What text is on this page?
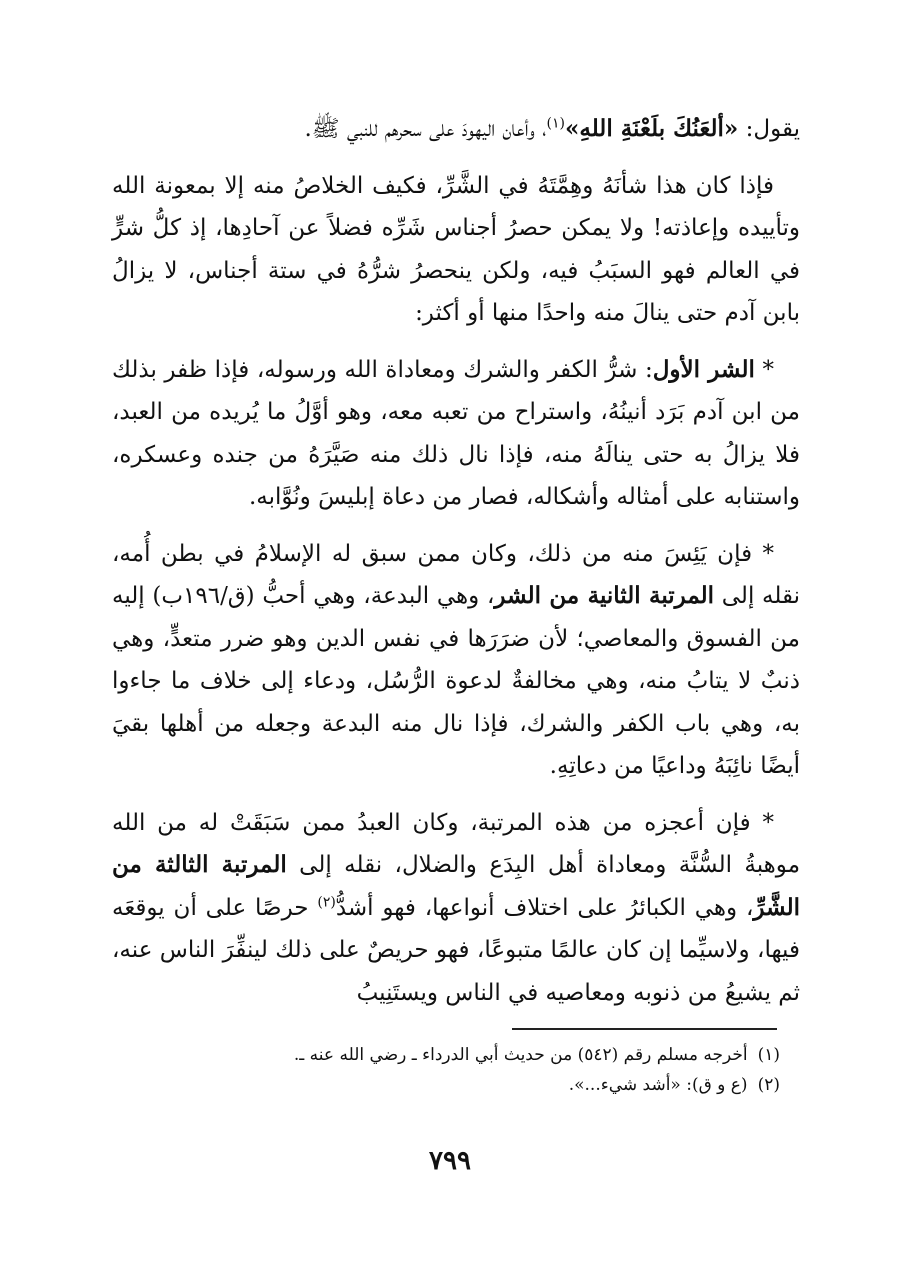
يقول: «ألعَنُكَ بلَعْنَةِ اللهِ»$^{(١)}$، وأعان اليهودَ على سحرهم للنبي ﷺ.

فإذا كان هذا شأنَهُ وهِمَّتَهُ في الشَّرِّ، فكيف الخلاصُ منه إلا بمعونة الله وتأييده وإعاذته! ولا يمكن حصرُ أجناس شَرِّه فضلاً عن آحادِها، إذ كلُّ شرٍّ في العالم فهو السبَبُ فيه، ولكن ينحصرُ شرُّهُ في ستة أجناس، لا يزالُ بابن آدم حتى ينالَ منه واحدًا منها أو أكثر:

* الشر الأول: شرُّ الكفر والشرك ومعاداة الله ورسوله، فإذا ظفر بذلك من ابن آدم بَرَد أنينُهُ، واستراح من تعبه معه، وهو أوَّلُ ما يُريده من العبد، فلا يزالُ به حتى ينالَهُ منه، فإذا نال ذلك منه صَيَّرَهُ من جنده وعسكره، واستنابه على أمثاله وأشكاله، فصار من دعاة إبليسَ ونُوَّابه.

* فإن يَئِسَ منه من ذلك، وكان ممن سبق له الإسلامُ في بطن أُمه، نقله إلى المرتبة الثانية من الشر، وهي البدعة، وهي أحبُّ (ق/١٩٦ب) إليه من الفسوق والمعاصي؛ لأن ضرَرَها في نفس الدين وهو ضرر متعدٍّ، وهي ذنبٌ لا يتابُ منه، وهي مخالفةٌ لدعوة الرُّسُل، ودعاء إلى خلاف ما جاءوا به، وهي باب الكفر والشرك، فإذا نال منه البدعة وجعله من أهلها بقيَ أيضًا نائِبَهُ وداعيًا من دعاتِهِ.

* فإن أعجزه من هذه المرتبة، وكان العبدُ ممن سَبَقَتْ له من الله موهبةُ السُّنَّة ومعاداة أهل البِدَع والضلال، نقله إلى المرتبة الثالثة من الشَّرِّ، وهي الكبائرُ على اختلاف أنواعها، فهو أشدُّ$^{(٢)}$ حرصًا على أن يوقعَه فيها، ولاسيِّما إن كان عالمًا متبوعًا، فهو حريصٌ على ذلك لينفِّرَ الناس عنه، ثم يشيعُ من ذنوبه ومعاصيه في الناس ويستَنِيبُ

(١)أخرجه مسلم رقم (٥٤٢) من حديث أبي الدرداء ـ رضي الله عنه ـ.
(٢)(ع و ق): «أشد شيء...».
٧٩٩
